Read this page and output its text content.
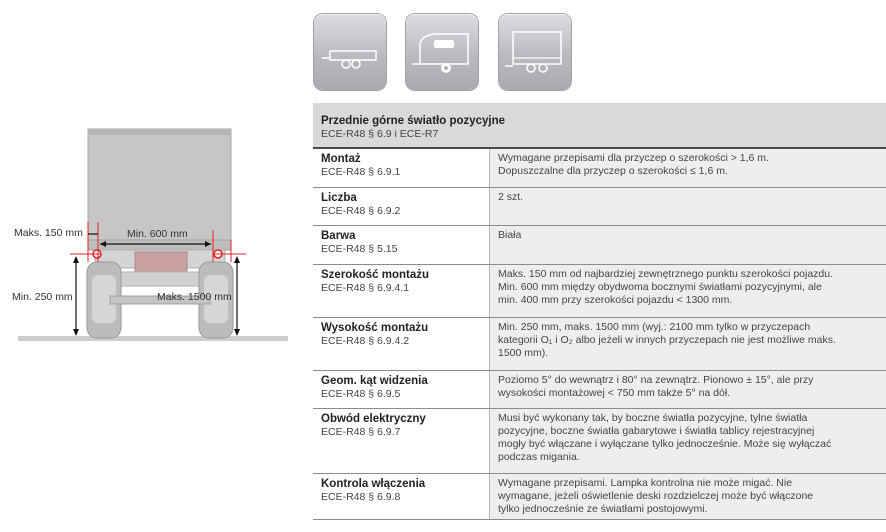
Maks. 150 mm	Min. 600 mm
Min. 250 mm	Maks. 1500 mm
Przednie górne światło pozycyjne
ECE-R48 § 6.9 i ECE-R7
Montaż
ECE-R48 § 6.9.1
Wymagane przepisami dla przyczep o szerokości > 1,6 m.
Dopuszczalne dla przyczep o szerokości ≤ 1,6 m.
Liczba
ECE-R48 § 6.9.2
2 szt.
Barwa
ECE-R48 § 5.15
Biała
Szerokość montażu
ECE-R48 § 6.9.4.1
Maks. 150 mm od najbardziej zewnętrznego punktu szerokości pojazdu.
Min. 600 mm między obydwoma bocznymi światłami pozycyjnymi, ale
min. 400 mm przy szerokości pojazdu < 1300 mm.
Wysokość montażu
ECE-R48 § 6.9.4.2
Min. 250 mm, maks. 1500 mm (wyj.: 2100 mm tylko w przyczepach
kategorii O₁ i O₂ albo jeżeli w innych przyczepach nie jest możliwe maks.
1500 mm).
Geom. kąt widzenia
ECE-R48 § 6.9.5
Poziomo 5° do wewnątrz i 80° na zewnątrz. Pionowo ± 15°, ale przy
wysokości montażowej < 750 mm także 5° na dół.
Obwód elektryczny
ECE-R48 § 6.9.7
Musi być wykonany tak, by boczne światła pozycyjne, tylne światła
pozycyjne, boczne światła gabarytowe i światła tablicy rejestracyjnej
mogły być włączane i wyłączane tylko jednocześnie. Może się wyłączać
podczas migania.
Kontrola włączenia
ECE-R48 § 6.9.8
Wymagane przepisami. Lampka kontrolna nie może migać. Nie
wymagane, jeżeli oświetlenie deski rozdzielczej może być włączone
tylko jednocześnie ze światłami postojowymi.
